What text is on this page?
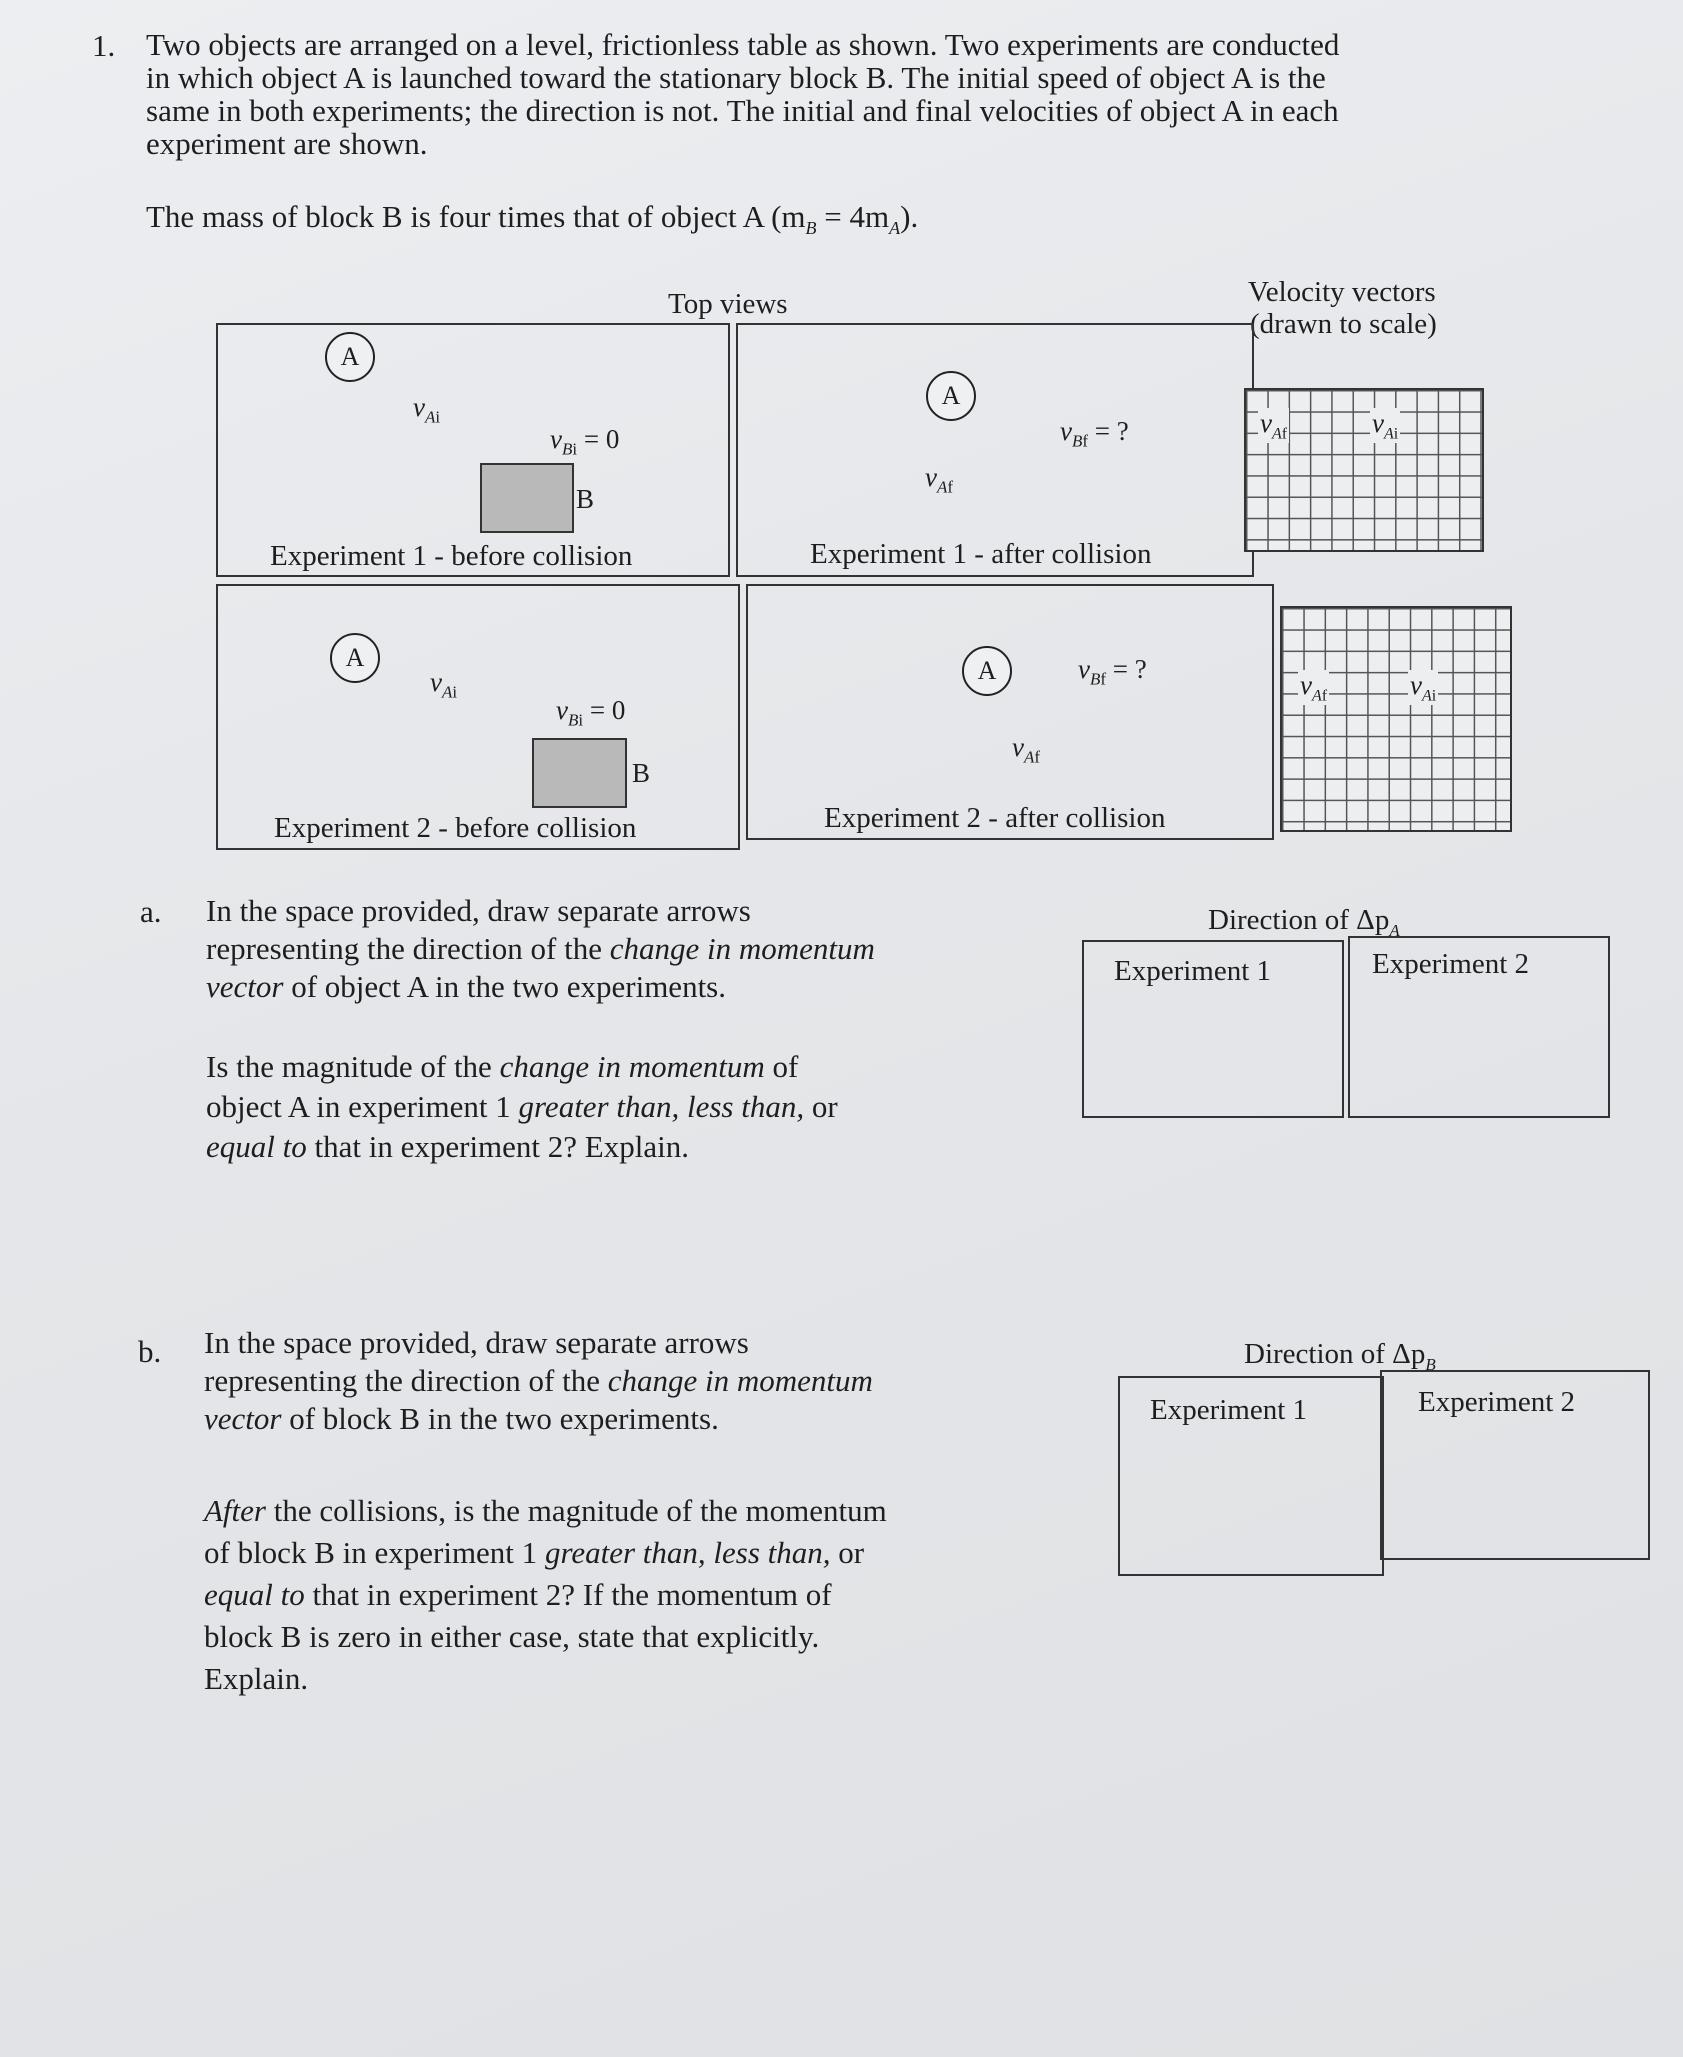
1. Two objects are arranged on a level, frictionless table as shown. Two experiments are conducted
in which object A is launched toward the stationary block B. The initial speed of object A is the
same in both experiments; the direction is not. The initial and final velocities of object A in each
experiment are shown.
The mass of block B is four times that of object A $(m_B = 4m_A)$.
Top views	Velocity vectors
(drawn to scale)
A
$v_{Ai}$
$v_{Bi} = 0$
B
Experiment 1 - before collision
A
$v_{Bf}$ = ?
$v_{Af}$
Experiment 1 - after collision
A
$v_{Ai}$
$v_{Bi} = 0$
B
Experiment 2 - before collision
A	$v_{Bf}$ = ?
$v_{Af}$
Experiment 2 - after collision
$v_{Af}$	$v_{Ai}$
$v_{Af}$	$v_{Ai}$
a. In the space provided, draw separate arrows
representing the direction of the change in momentum
vector of object A in the two experiments.
Is the magnitude of the change in momentum of
object A in experiment 1 greater than, less than, or
equal to that in experiment 2? Explain.
Direction of $\Delta p_A$
Experiment 1	Experiment 2
b. In the space provided, draw separate arrows
representing the direction of the change in momentum
vector of block B in the two experiments.
After the collisions, is the magnitude of the momentum
of block B in experiment 1 greater than, less than, or
equal to that in experiment 2? If the momentum of
block B is zero in either case, state that explicitly.
Explain.
Direction of $\Delta p_B$
Experiment 1	Experiment 2
